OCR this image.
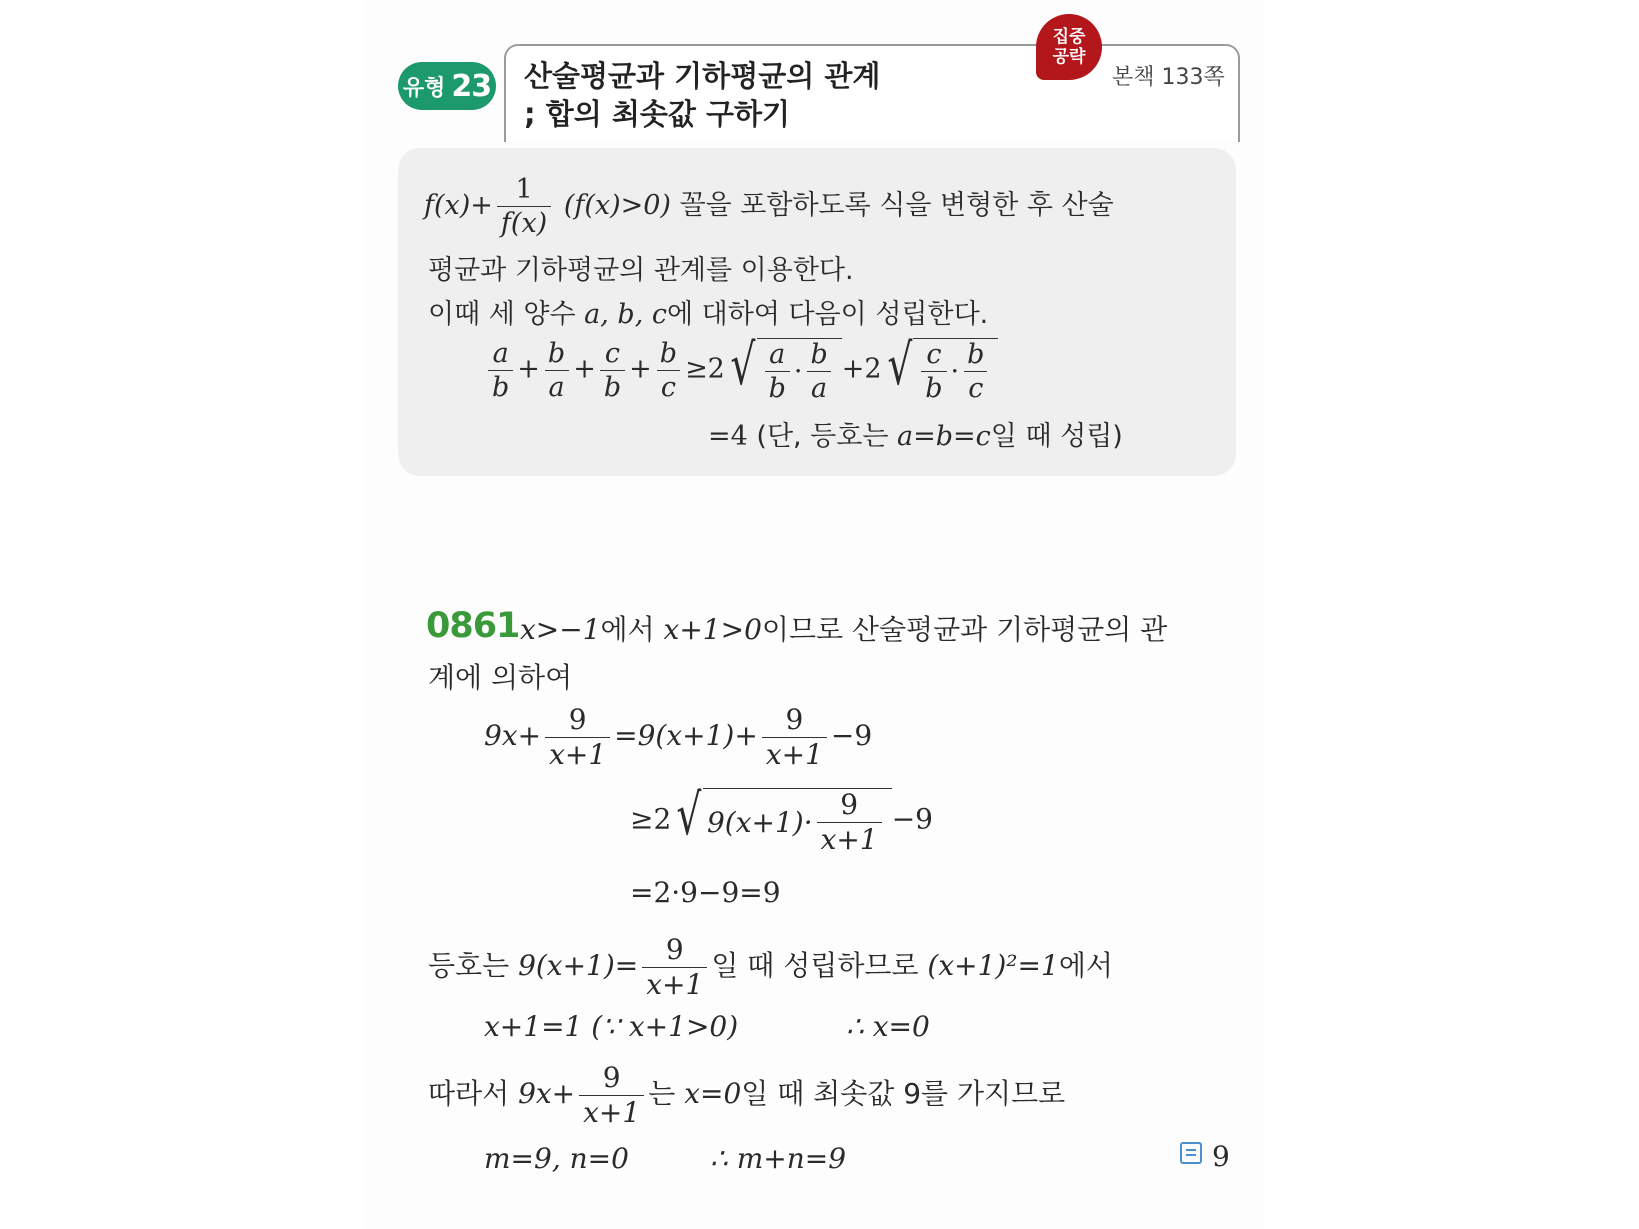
유형 23 산술평균과 기하평균의 관계
; 합의 최솟값 구하기
집중
공략
본책 133쪽
$f(x)+ \frac{1}{f(x)} (f(x)>0)$ 꼴을 포함하도록 식을 변형한 후 산술
평균과 기하평균의 관계를 이용한다.
이때 세 양수 a, b, c에 대하여 다음이 성립한다.
$\frac{a}{b} + \frac{b}{a} + \frac{c}{b} + \frac{b}{c} \ge 2$ √ $\frac{a}{b} \cdot \frac{b}{a} +2$ √ $\frac{c}{b} \cdot \frac{b}{c}$
=4 (단, 등호는 a=b=c일 때 성립)
0861 x>−1에서 x+1>0이므로 산술평균과 기하평균의 관
계에 의하여
$9x+ \frac{9}{x+1} =9(x+1)+ \frac{9}{x+1} -9$
≥2 √ $9(x+1)\cdot \frac{9}{x+1} -9$
=2·9−9=9
등호는 $9(x+1)= \frac{9}{x+1}$ 일 때 성립하므로 (x+1)²=1에서
x+1=1 (∵ x+1>0)	∴ x=0
따라서 $9x+ \frac{9}{x+1}$ 는 x=0일 때 최솟값 9를 가지므로
m=9, n=0	∴ m+n=9	9
